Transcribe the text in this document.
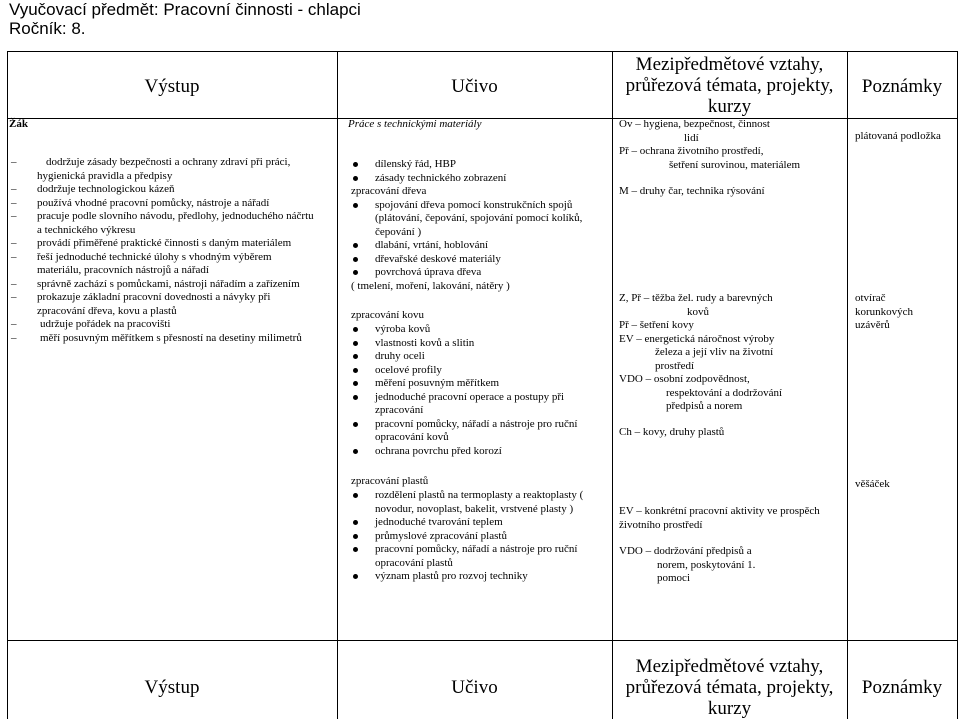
Vyučovací předmět: Pracovní činnosti - chlapci
Ročník: 8.
Výstup	Učivo
Mezipředmětové vztahy,
průřezová témata, projekty,
kurzy
Poznámky
Žák
– dodržuje zásady bezpečnosti a ochrany zdraví při práci,
hygienická pravidla a předpisy
– dodržuje technologickou kázeň
– používá vhodné pracovní pomůcky, nástroje a nářadí
– pracuje podle slovního návodu, předlohy, jednoduchého náčrtu
a technického výkresu
– provádí přiměřené praktické činnosti s daným materiálem
– řeší jednoduché technické úlohy s vhodným výběrem
materiálu, pracovních nástrojů a nářadí
– správně zachází s pomůckami, nástroji nářadím a zařízením
– prokazuje základní pracovní dovednosti a návyky při
zpracování dřeva, kovu a plastů
– udržuje pořádek na pracovišti
– měří posuvným měřítkem s přesností na desetiny milimetrů
Práce s technickými materiály
dílenský řád, HBP
zásady technického zobrazení
zpracování dřeva
spojování dřeva pomocí konstrukčních spojů
(plátování, čepování, spojování pomocí kolíků,
čepování )
dlabání, vrtání, hoblování
dřevařské deskové materiály
povrchová úprava dřeva
( tmelení, moření, lakování, nátěry )
zpracování kovu
výroba kovů
vlastnosti kovů a slitin
druhy oceli
ocelové profily
měření posuvným měřítkem
jednoduché pracovní operace a postupy při
zpracování
pracovní pomůcky, nářadí a nástroje pro ruční
opracování kovů
ochrana povrchu před korozí
zpracování plastů
rozdělení plastů na termoplasty a reaktoplasty (
novodur, novoplast, bakelit, vrstvené plasty )
jednoduché tvarování teplem
průmyslové zpracování plastů
pracovní pomůcky, nářadí a nástroje pro ruční
opracování plastů
význam plastů pro rozvoj techniky
Ov – hygiena, bezpečnost, činnost
lidí
Př – ochrana životního prostředí,
šetření surovinou, materiálem
M – druhy čar, technika rýsování
Z, Př – těžba žel. rudy a barevných
kovů
Př – šetření kovy
EV – energetická náročnost výroby
železa a její vliv na životní
prostředí
VDO – osobní zodpovědnost,
respektování a dodržování
předpisů a norem
Ch – kovy, druhy plastů
EV – konkrétní pracovní aktivity ve prospěch
životního prostředí
VDO – dodržování předpisů a
norem, poskytování 1.
pomoci
plátovaná podložka
otvírač
korunkových
uzávěrů
věšáček
Výstup	Učivo
Mezipředmětové vztahy,
průřezová témata, projekty,
kurzy
Poznámky
